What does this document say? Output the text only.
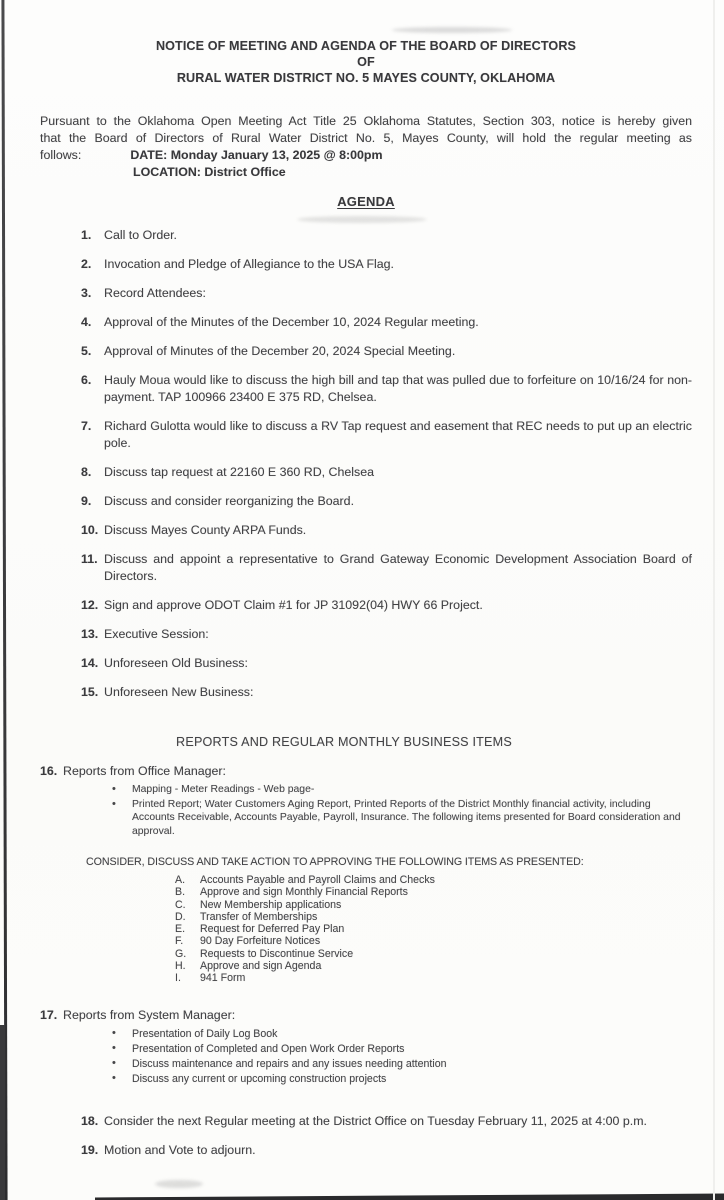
NOTICE OF MEETING AND AGENDA OF THE BOARD OF DIRECTORS
OF
RURAL WATER DISTRICT NO. 5 MAYES COUNTY, OKLAHOMA
Pursuant to the Oklahoma Open Meeting Act Title 25 Oklahoma Statutes, Section 303, notice is hereby given
that the Board of Directors of Rural Water District No. 5, Mayes County, will hold the regular meeting as
follows:	DATE: Monday January 13, 2025 @ 8:00pm
LOCATION: District Office
AGENDA
1.	Call to Order.
2.	Invocation and Pledge of Allegiance to the USA Flag.
3.	Record Attendees:
4.	Approval of the Minutes of the December 10, 2024 Regular meeting.
5.	Approval of Minutes of the December 20, 2024 Special Meeting.
6.	Hauly Moua would like to discuss the high bill and tap that was pulled due to forfeiture on 10/16/24 for non-payment. TAP 100966 23400 E 375 RD, Chelsea.
7.	Richard Gulotta would like to discuss a RV Tap request and easement that REC needs to put up an electric pole.
8.	Discuss tap request at 22160 E 360 RD, Chelsea
9.	Discuss and consider reorganizing the Board.
10. Discuss Mayes County ARPA Funds.
11. Discuss and appoint a representative to Grand Gateway Economic Development Association Board of Directors.
12. Sign and approve ODOT Claim #1 for JP 31092(04) HWY 66 Project.
13. Executive Session:
14. Unforeseen Old Business:
15. Unforeseen New Business:
REPORTS AND REGULAR MONTHLY BUSINESS ITEMS
16. Reports from Office Manager:
•	Mapping - Meter Readings - Web page-
•	Printed Report; Water Customers Aging Report, Printed Reports of the District Monthly financial activity, including Accounts Receivable, Accounts Payable, Payroll, Insurance. The following items presented for Board consideration and approval.
CONSIDER, DISCUSS AND TAKE ACTION TO APPROVING THE FOLLOWING ITEMS AS PRESENTED:
A.	Accounts Payable and Payroll Claims and Checks
B.	Approve and sign Monthly Financial Reports
C.	New Membership applications
D.	Transfer of Memberships
E.	Request for Deferred Pay Plan
F.	90 Day Forfeiture Notices
G.	Requests to Discontinue Service
H.	Approve and sign Agenda
I.	941 Form
17. Reports from System Manager:
•	Presentation of Daily Log Book
•	Presentation of Completed and Open Work Order Reports
•	Discuss maintenance and repairs and any issues needing attention
•	Discuss any current or upcoming construction projects
18. Consider the next Regular meeting at the District Office on Tuesday February 11, 2025 at 4:00 p.m.
19. Motion and Vote to adjourn.
